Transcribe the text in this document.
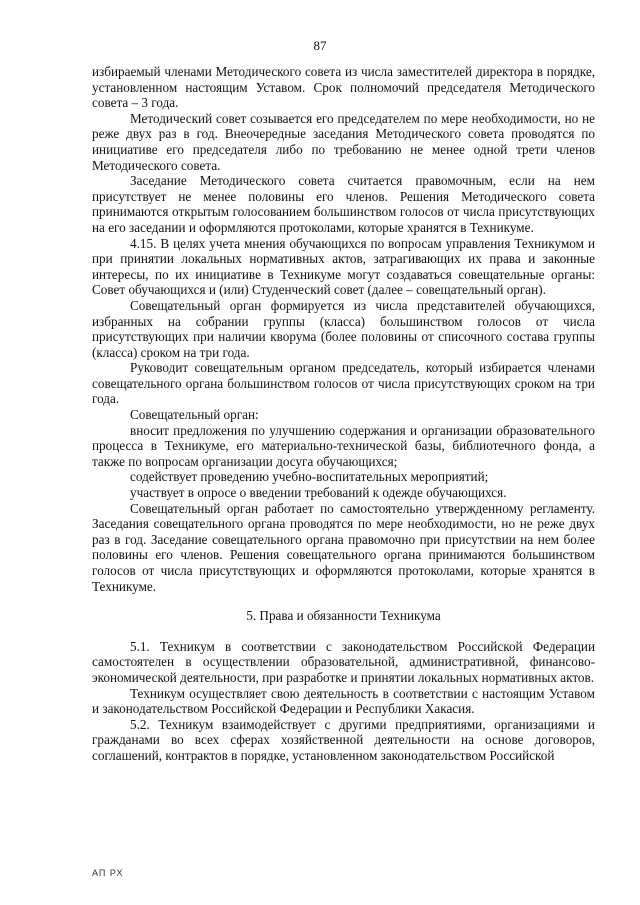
87

избираемый членами Методического совета из числа заместителей директора в порядке, установленном настоящим Уставом. Срок полномочий председателя Методического совета – 3 года.

Методический совет созывается его председателем по мере необходимости, но не реже двух раз в год. Внеочередные заседания Методического совета проводятся по инициативе его председателя либо по требованию не менее одной трети членов Методического совета.

Заседание Методического совета считается правомочным, если на нем присутствует не менее половины его членов. Решения Методического совета принимаются открытым голосованием большинством голосов от числа присутствующих на его заседании и оформляются протоколами, которые хранятся в Техникуме.

4.15. В целях учета мнения обучающихся по вопросам управления Техникумом и при принятии локальных нормативных актов, затрагивающих их права и законные интересы, по их инициативе в Техникуме могут создаваться совещательные органы: Совет обучающихся и (или) Студенческий совет (далее – совещательный орган).

Совещательный орган формируется из числа представителей обучающихся, избранных на собрании группы (класса) большинством голосов от числа присутствующих при наличии кворума (более половины от списочного состава группы (класса) сроком на три года.

Руководит совещательным органом председатель, который избирается членами совещательного органа большинством голосов от числа присутствующих сроком на три года.

Совещательный орган:

вносит предложения по улучшению содержания и организации образовательного процесса в Техникуме, его материально-технической базы, библиотечного фонда, а также по вопросам организации досуга обучающихся;

содействует проведению учебно-воспитательных мероприятий;

участвует в опросе о введении требований к одежде обучающихся.

Совещательный орган работает по самостоятельно утвержденному регламенту. Заседания совещательного органа проводятся по мере необходимости, но не реже двух раз в год. Заседание совещательного органа правомочно при присутствии на нем более половины его членов. Решения совещательного органа принимаются большинством голосов от числа присутствующих и оформляются протоколами, которые хранятся в Техникуме.

5. Права и обязанности Техникума

5.1. Техникум в соответствии с законодательством Российской Федерации самостоятелен в осуществлении образовательной, административной, финансово-экономической деятельности, при разработке и принятии локальных нормативных актов.

Техникум осуществляет свою деятельность в соответствии с настоящим Уставом и законодательством Российской Федерации и Республики Хакасия.

5.2. Техникум взаимодействует с другими предприятиями, организациями и гражданами во всех сферах хозяйственной деятельности на основе договоров, соглашений, контрактов в порядке, установленном законодательством Российской

АП РХ
